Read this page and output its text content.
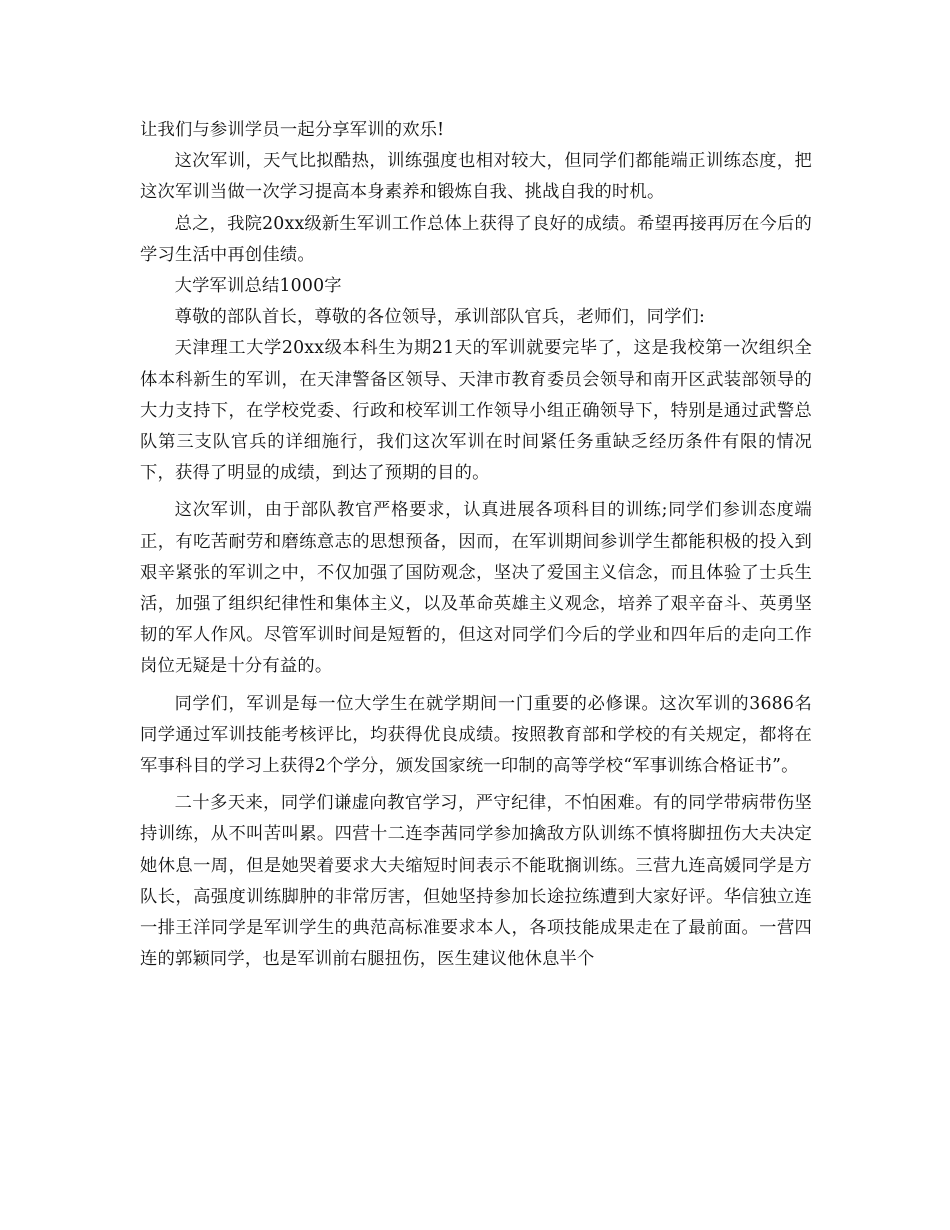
让我们与参训学员一起分享军训的欢乐!

这次军训，天气比拟酷热，训练强度也相对较大，但同学们都能端正训练态度，把这次军训当做一次学习提高本身素养和锻炼自我、挑战自我的时机。

总之，我院20xx级新生军训工作总体上获得了良好的成绩。希望再接再厉在今后的学习生活中再创佳绩。

大学军训总结1000字

尊敬的部队首长，尊敬的各位领导，承训部队官兵，老师们，同学们:

天津理工大学20xx级本科生为期21天的军训就要完毕了，这是我校第一次组织全体本科新生的军训，在天津警备区领导、天津市教育委员会领导和南开区武装部领导的大力支持下，在学校党委、行政和校军训工作领导小组正确领导下，特别是通过武警总队第三支队官兵的详细施行，我们这次军训在时间紧任务重缺乏经历条件有限的情况下，获得了明显的成绩，到达了预期的目的。

这次军训，由于部队教官严格要求，认真进展各项科目的训练;同学们参训态度端正，有吃苦耐劳和磨练意志的思想预备，因而，在军训期间参训学生都能积极的投入到艰辛紧张的军训之中，不仅加强了国防观念，坚决了爱国主义信念，而且体验了士兵生活，加强了组织纪律性和集体主义，以及革命英雄主义观念，培养了艰辛奋斗、英勇坚韧的军人作风。尽管军训时间是短暂的，但这对同学们今后的学业和四年后的走向工作岗位无疑是十分有益的。

同学们，军训是每一位大学生在就学期间一门重要的必修课。这次军训的3686名同学通过军训技能考核评比，均获得优良成绩。按照教育部和学校的有关规定，都将在军事科目的学习上获得2个学分，颁发国家统一印制的高等学校“军事训练合格证书”。

二十多天来，同学们谦虚向教官学习，严守纪律，不怕困难。有的同学带病带伤坚持训练，从不叫苦叫累。四营十二连李茜同学参加擒敌方队训练不慎将脚扭伤大夫决定她休息一周，但是她哭着要求大夫缩短时间表示不能耽搁训练。三营九连高媛同学是方队长，高强度训练脚肿的非常厉害，但她坚持参加长途拉练遭到大家好评。华信独立连一排王洋同学是军训学生的典范高标准要求本人，各项技能成果走在了最前面。一营四连的郭颖同学，也是军训前右腿扭伤，医生建议他休息半个
